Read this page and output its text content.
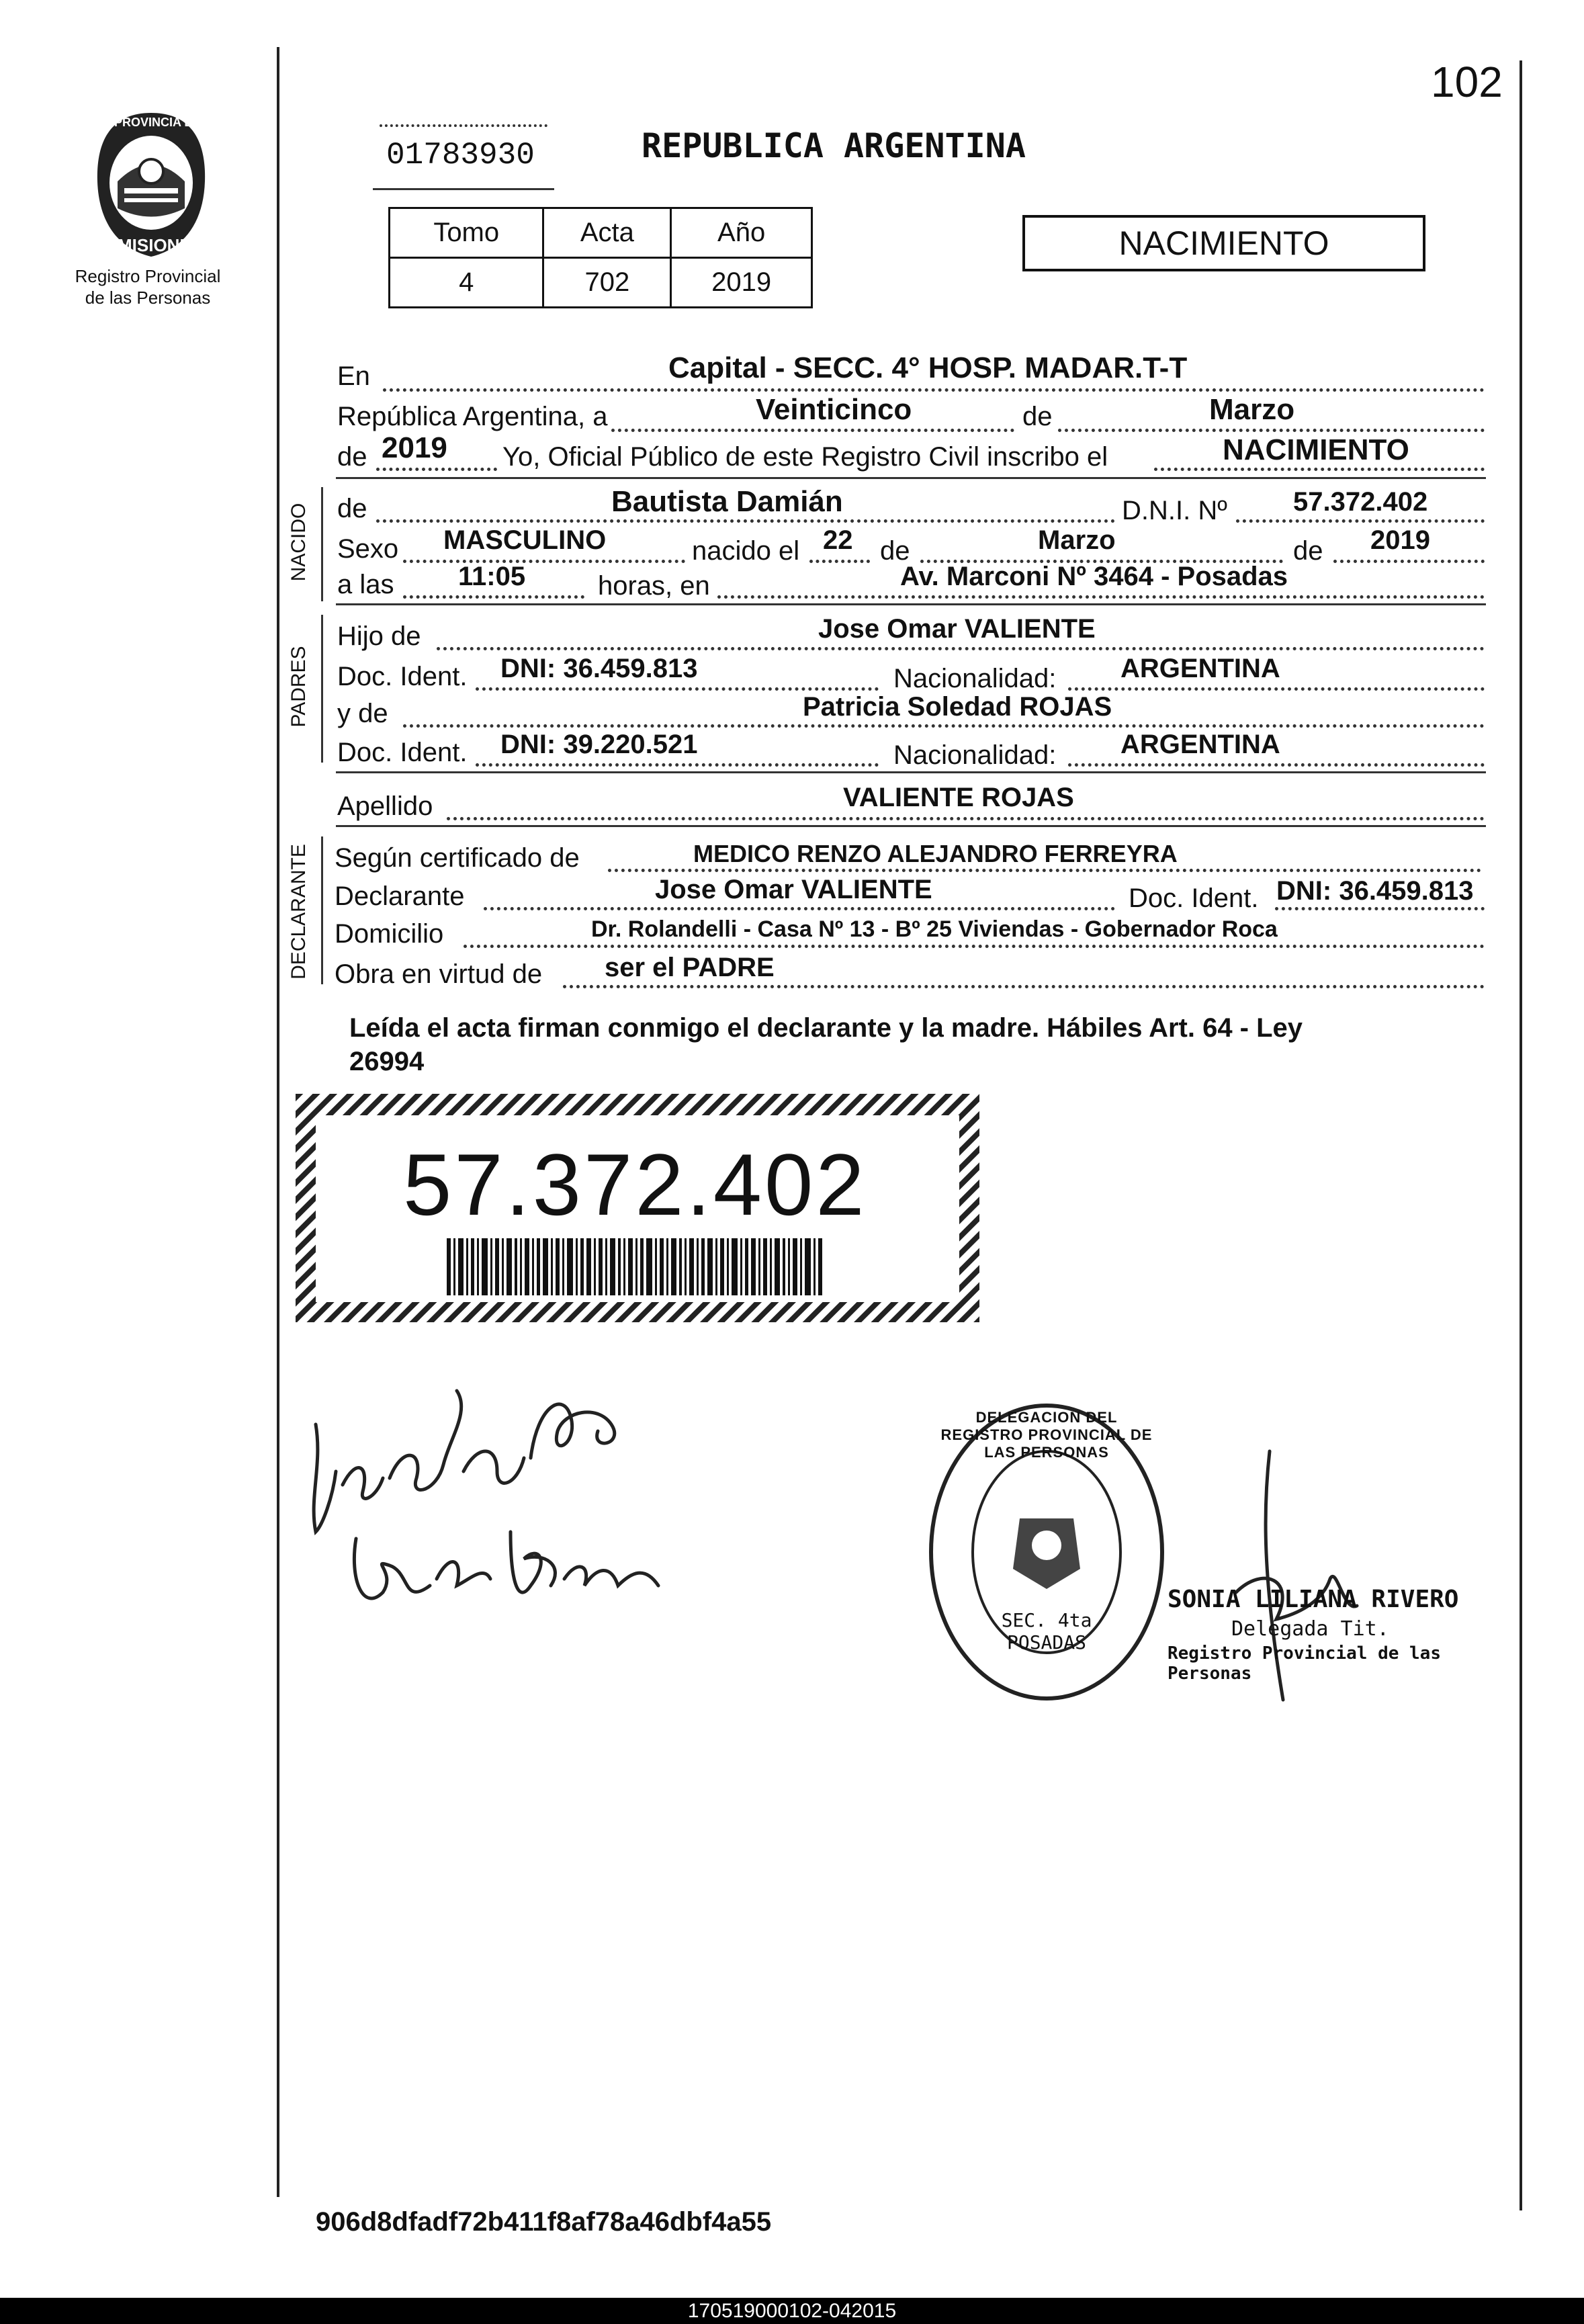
102
PROVINCIA DE
MISIONES
Registro Provincial
de las Personas
01783930	REPUBLICA ARGENTINA
Tomo	Acta	Año
4	702	2019
NACIMIENTO
En	Capital - SECC. 4° HOSP. MADAR.T-T
República Argentina, a	Veinticinco	de	Marzo
de 2019 Yo, Oficial Público de este Registro Civil inscribo el	NACIMIENTO
NACIDO de	Bautista Damián	D.N.I. Nº 57.372.402
Sexo MASCULINO	nacido el 22 de	Marzo	de 2019
a las 11:05	horas, en	Av. Marconi Nº 3464 - Posadas
PADRES
Hijo de	Jose Omar VALIENTE
Doc. Ident. DNI: 36.459.813	Nacionalidad: ARGENTINA
y de	Patricia Soledad ROJAS
Doc. Ident. DNI: 39.220.521	Nacionalidad: ARGENTINA
Apellido	VALIENTE ROJAS
DECLARANTE Según certificado de	MEDICO RENZO ALEJANDRO FERREYRA
Declarante	Jose Omar VALIENTE	Doc. Ident. DNI: 36.459.813
Domicilio	Dr. Rolandelli - Casa Nº 13 - Bº 25 Viviendas - Gobernador Roca
Obra en virtud de ser el PADRE
Leída el acta firman conmigo el declarante y la madre. Hábiles Art. 64 - Ley
26994
57.372.402
DELEGACION DEL REGISTRO PROVINCIAL DE LAS PERSONAS
SEC. 4ta POSADAS
SONIA LILIANA RIVERO
Delegada Tit.
Registro Provincial de las Personas
906d8dfadf72b411f8af78a46dbf4a55
170519000102-042015
